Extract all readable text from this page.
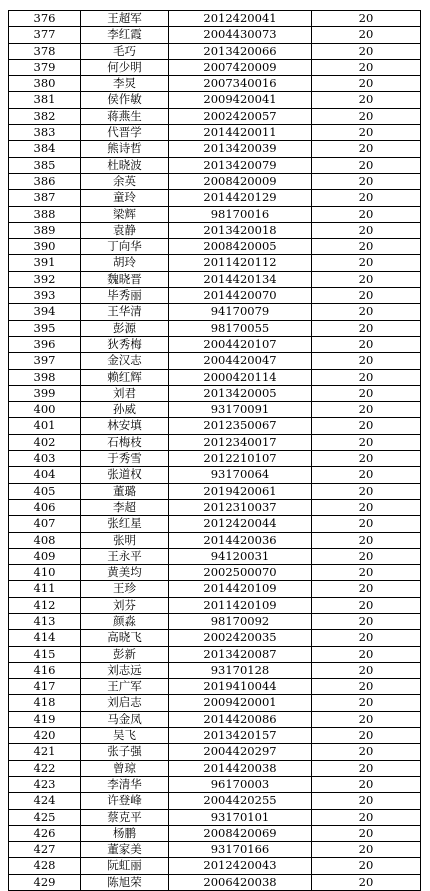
376	王超军	2012420041	20
377	李红霞	2004430073	20
378	毛巧	2013420066	20
379	何少明	2007420009	20
380	李炅	2007340016	20
381	侯作敏	2009420041	20
382	蒋燕生	2002420057	20
383	代晋学	2014420011	20
384	熊诗哲	2013420039	20
385	杜晓波	2013420079	20
386	余英	2008420009	20
387	童玲	2014420129	20
388	梁辉	98170016	20
389	袁静	2013420018	20
390	丁向华	2008420005	20
391	胡玲	2011420112	20
392	魏晓晋	2014420134	20
393	毕秀丽	2014420070	20
394	王华清	94170079	20
395	彭源	98170055	20
396	狄秀梅	2004420107	20
397	金汉志	2004420047	20
398	赖红辉	2000420114	20
399	刘君	2013420005	20
400	孙威	93170091	20
401	林安填	2012350067	20
402	石梅枝	2012340017	20
403	于秀雪	2012210107	20
404	张道权	93170064	20
405	董璐	2019420061	20
406	李超	2012310037	20
407	张红星	2012420044	20
408	张明	2014420036	20
409	王永平	94120031	20
410	黄美均	2002500070	20
411	王珍	2014420109	20
412	刘芬	2011420109	20
413	颜淼	98170092	20
414	高晓飞	2002420035	20
415	彭新	2013420087	20
416	刘志远	93170128	20
417	王广军	2019410044	20
418	刘启志	2009420001	20
419	马金凤	2014420086	20
420	吴飞	2013420157	20
421	张子强	2004420297	20
422	曾琼	2014420038	20
423	李清华	96170003	20
424	许登峰	2004420255	20
425	蔡克平	93170101	20
426	杨鹏	2008420069	20
427	董家美	93170166	20
428	阮虹丽	2012420043	20
429	陈旭荣	2006420038	20
